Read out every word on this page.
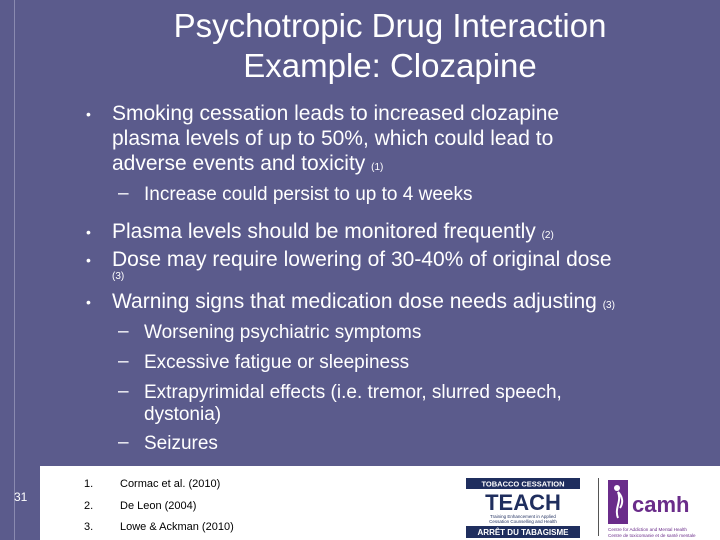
Psychotropic Drug Interaction
Example: Clozapine
• Smoking cessation leads to increased clozapine
plasma levels of up to 50%, which could lead to
adverse events and toxicity (1)
– Increase could persist to up to 4 weeks
• Plasma levels should be monitored frequently (2)
• Dose may require lowering of 30-40% of original dose
(3)
• Warning signs that medication dose needs adjusting (3)
– Worsening psychiatric symptoms
– Excessive fatigue or sleepiness
– Extrapyrimidal effects (i.e. tremor, slurred speech,
dystonia)
– Seizures
1. Cormac et al. (2010)
2. De Leon (2004)
3. Lowe & Ackman (2010)
31
TOBACCO CESSATION
TEACH
Training Enhancement in Applied
Cessation Counselling and Health
ARRÊT DU TABAGISME
camh
Centre for Addiction and Mental Health
Centre de toxicomanie et de santé mentale
